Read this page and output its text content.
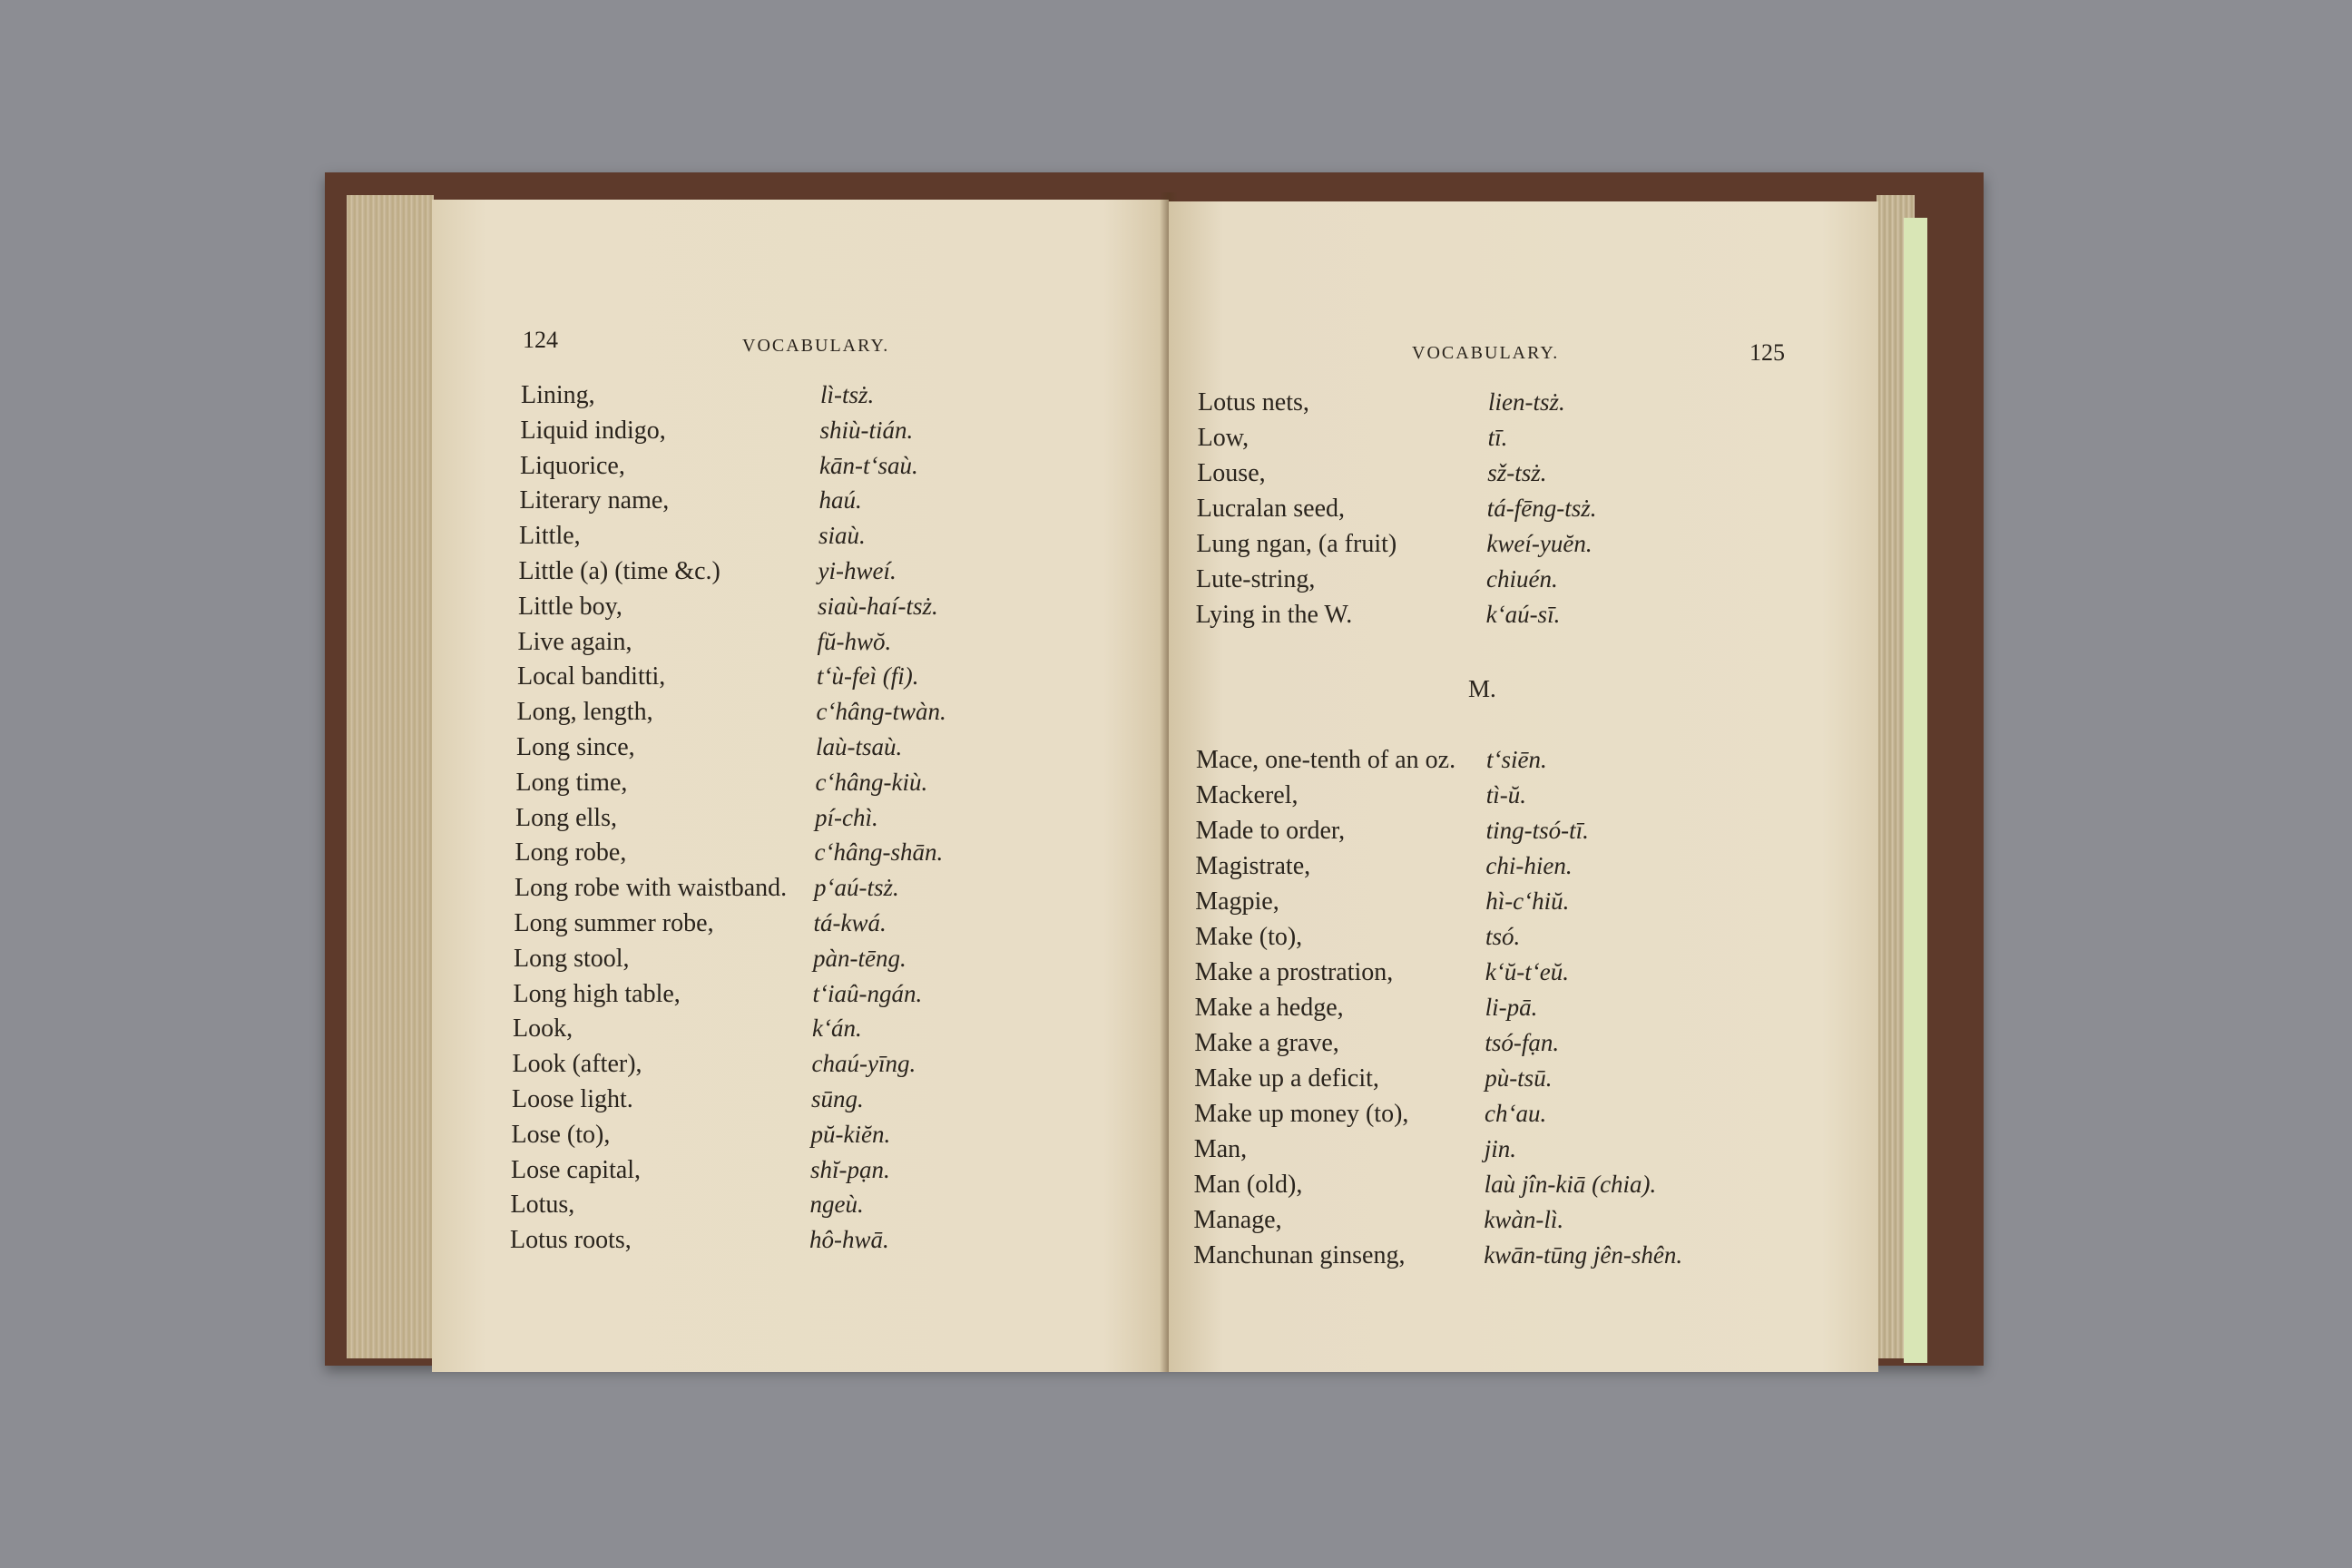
124	VOCABULARY.
Lining,	lì-tsż.
Liquid indigo,	shiù-tián.
Liquorice,	kān-t‘saù.
Literary name,	haú.
Little,	siaù.
Little (a) (time &c.)	yi-hweí.
Little boy,	siaù-haí-tsż.
Live again,	fŭ-hwŏ.
Local banditti,	t‘ù-feì (fi).
Long, length,	c‘hâng-twàn.
Long since,	laù-tsaù.
Long time,	c‘hâng-kiù.
Long ells,	pí-chì.
Long robe,	c‘hâng-shān.
Long robe with waistband. p‘aú-tsż.
Long summer robe,	tá-kwá.
Long stool,	pàn-tēng.
Long high table,	t‘iaû-ngán.
Look,	k‘án.
Look (after),	chaú-yīng.
Loose light.	sūng.
Lose (to),	pŭ-kiĕn.
Lose capital,	shĭ-pạn.
Lotus,	ngeù.
Lotus roots,	hô-hwā.
VOCABULARY.	125
Lotus nets,	lien-tsż.
Low,	tī.
Louse,	sž-tsż.
Lucralan seed,	tá-fēng-tsż.
Lung ngan, (a fruit)	kweí-yuĕn.
Lute-string,	chiuén.
Lying in the W.	k‘aú-sī.
M.
Mace, one-tenth of an oz. t‘siēn.
Mackerel,	tì-ŭ.
Made to order,	ting-tsó-tī.
Magistrate,	chi-hien.
Magpie,	hì-c‘hiŭ.
Make (to),	tsó.
Make a prostration,	k‘ŭ-t‘eŭ.
Make a hedge,	li-pā.
Make a grave,	tsó-fạn.
Make up a deficit,	pù-tsū.
Make up money (to),	ch‘au.
Man,	jin.
Man (old),	laù jîn-kiā (chia).
Manage,	kwàn-lì.
Manchunan ginseng,	kwān-tūng jên-shên.
